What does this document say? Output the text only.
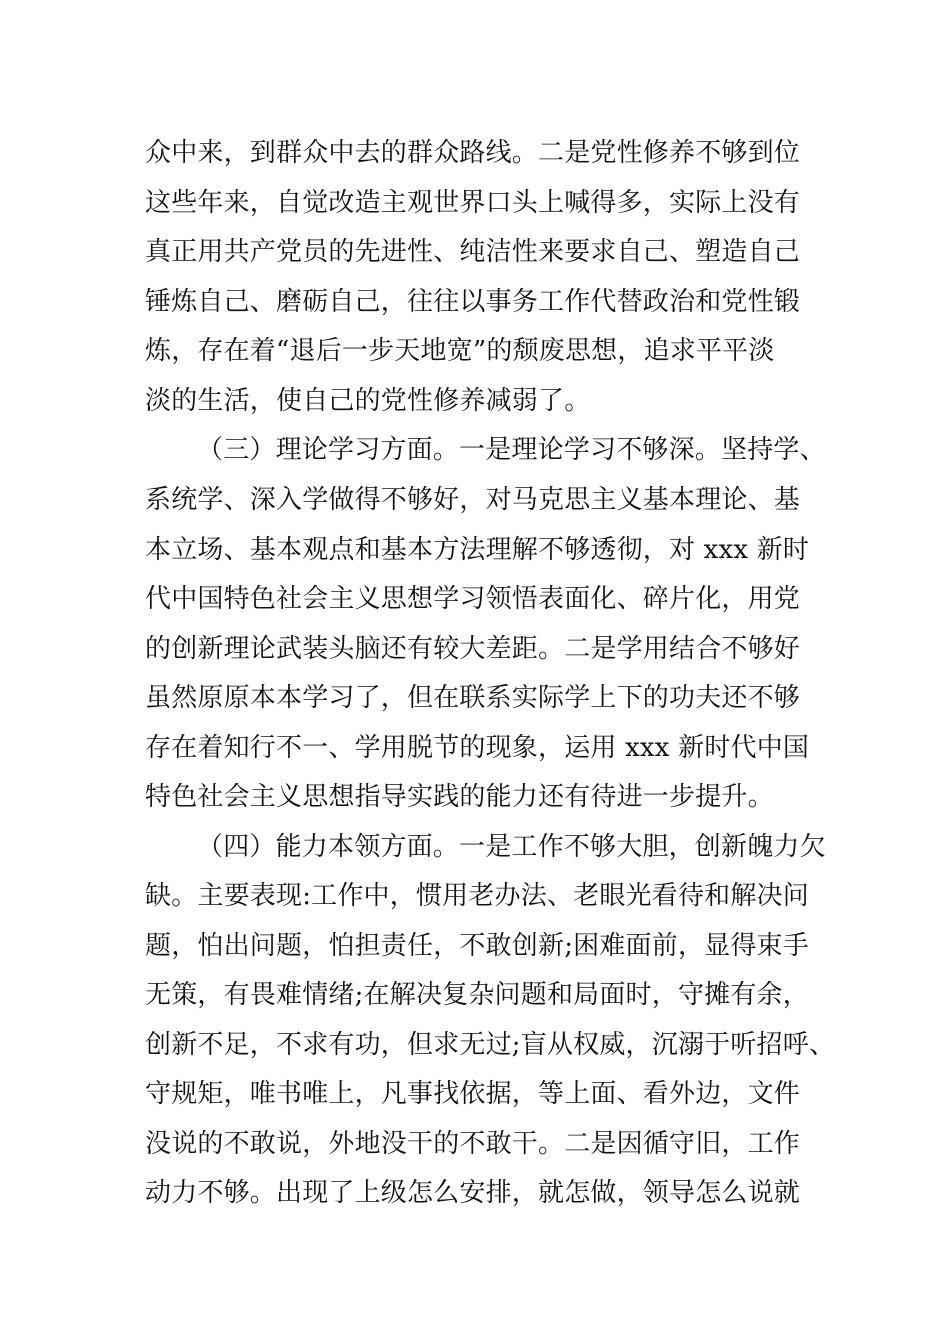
众中来，到群众中去的群众路线。二是党性修养不够到位
这些年来，自觉改造主观世界口头上喊得多，实际上没有
真正用共产党员的先进性、纯洁性来要求自己、塑造自己
锤炼自己、磨砺自己，往往以事务工作代替政治和党性锻
炼，存在着“退后一步天地宽”的颓废思想，追求平平淡
淡的生活，使自己的党性修养减弱了。
（三）理论学习方面。一是理论学习不够深。坚持学、
系统学、深入学做得不够好，对马克思主义基本理论、基
本立场、基本观点和基本方法理解不够透彻，对 xxx 新时
代中国特色社会主义思想学习领悟表面化、碎片化，用党
的创新理论武装头脑还有较大差距。二是学用结合不够好
虽然原原本本学习了，但在联系实际学上下的功夫还不够
存在着知行不一、学用脱节的现象，运用 xxx 新时代中国
特色社会主义思想指导实践的能力还有待进一步提升。
（四）能力本领方面。一是工作不够大胆，创新魄力欠
缺。主要表现:工作中，惯用老办法、老眼光看待和解决问
题，怕出问题，怕担责任，不敢创新;困难面前，显得束手
无策，有畏难情绪;在解决复杂问题和局面时，守摊有余，
创新不足，不求有功，但求无过;盲从权威，沉溺于听招呼、
守规矩，唯书唯上，凡事找依据，等上面、看外边，文件
没说的不敢说，外地没干的不敢干。二是因循守旧，工作
动力不够。出现了上级怎么安排，就怎做，领导怎么说就
